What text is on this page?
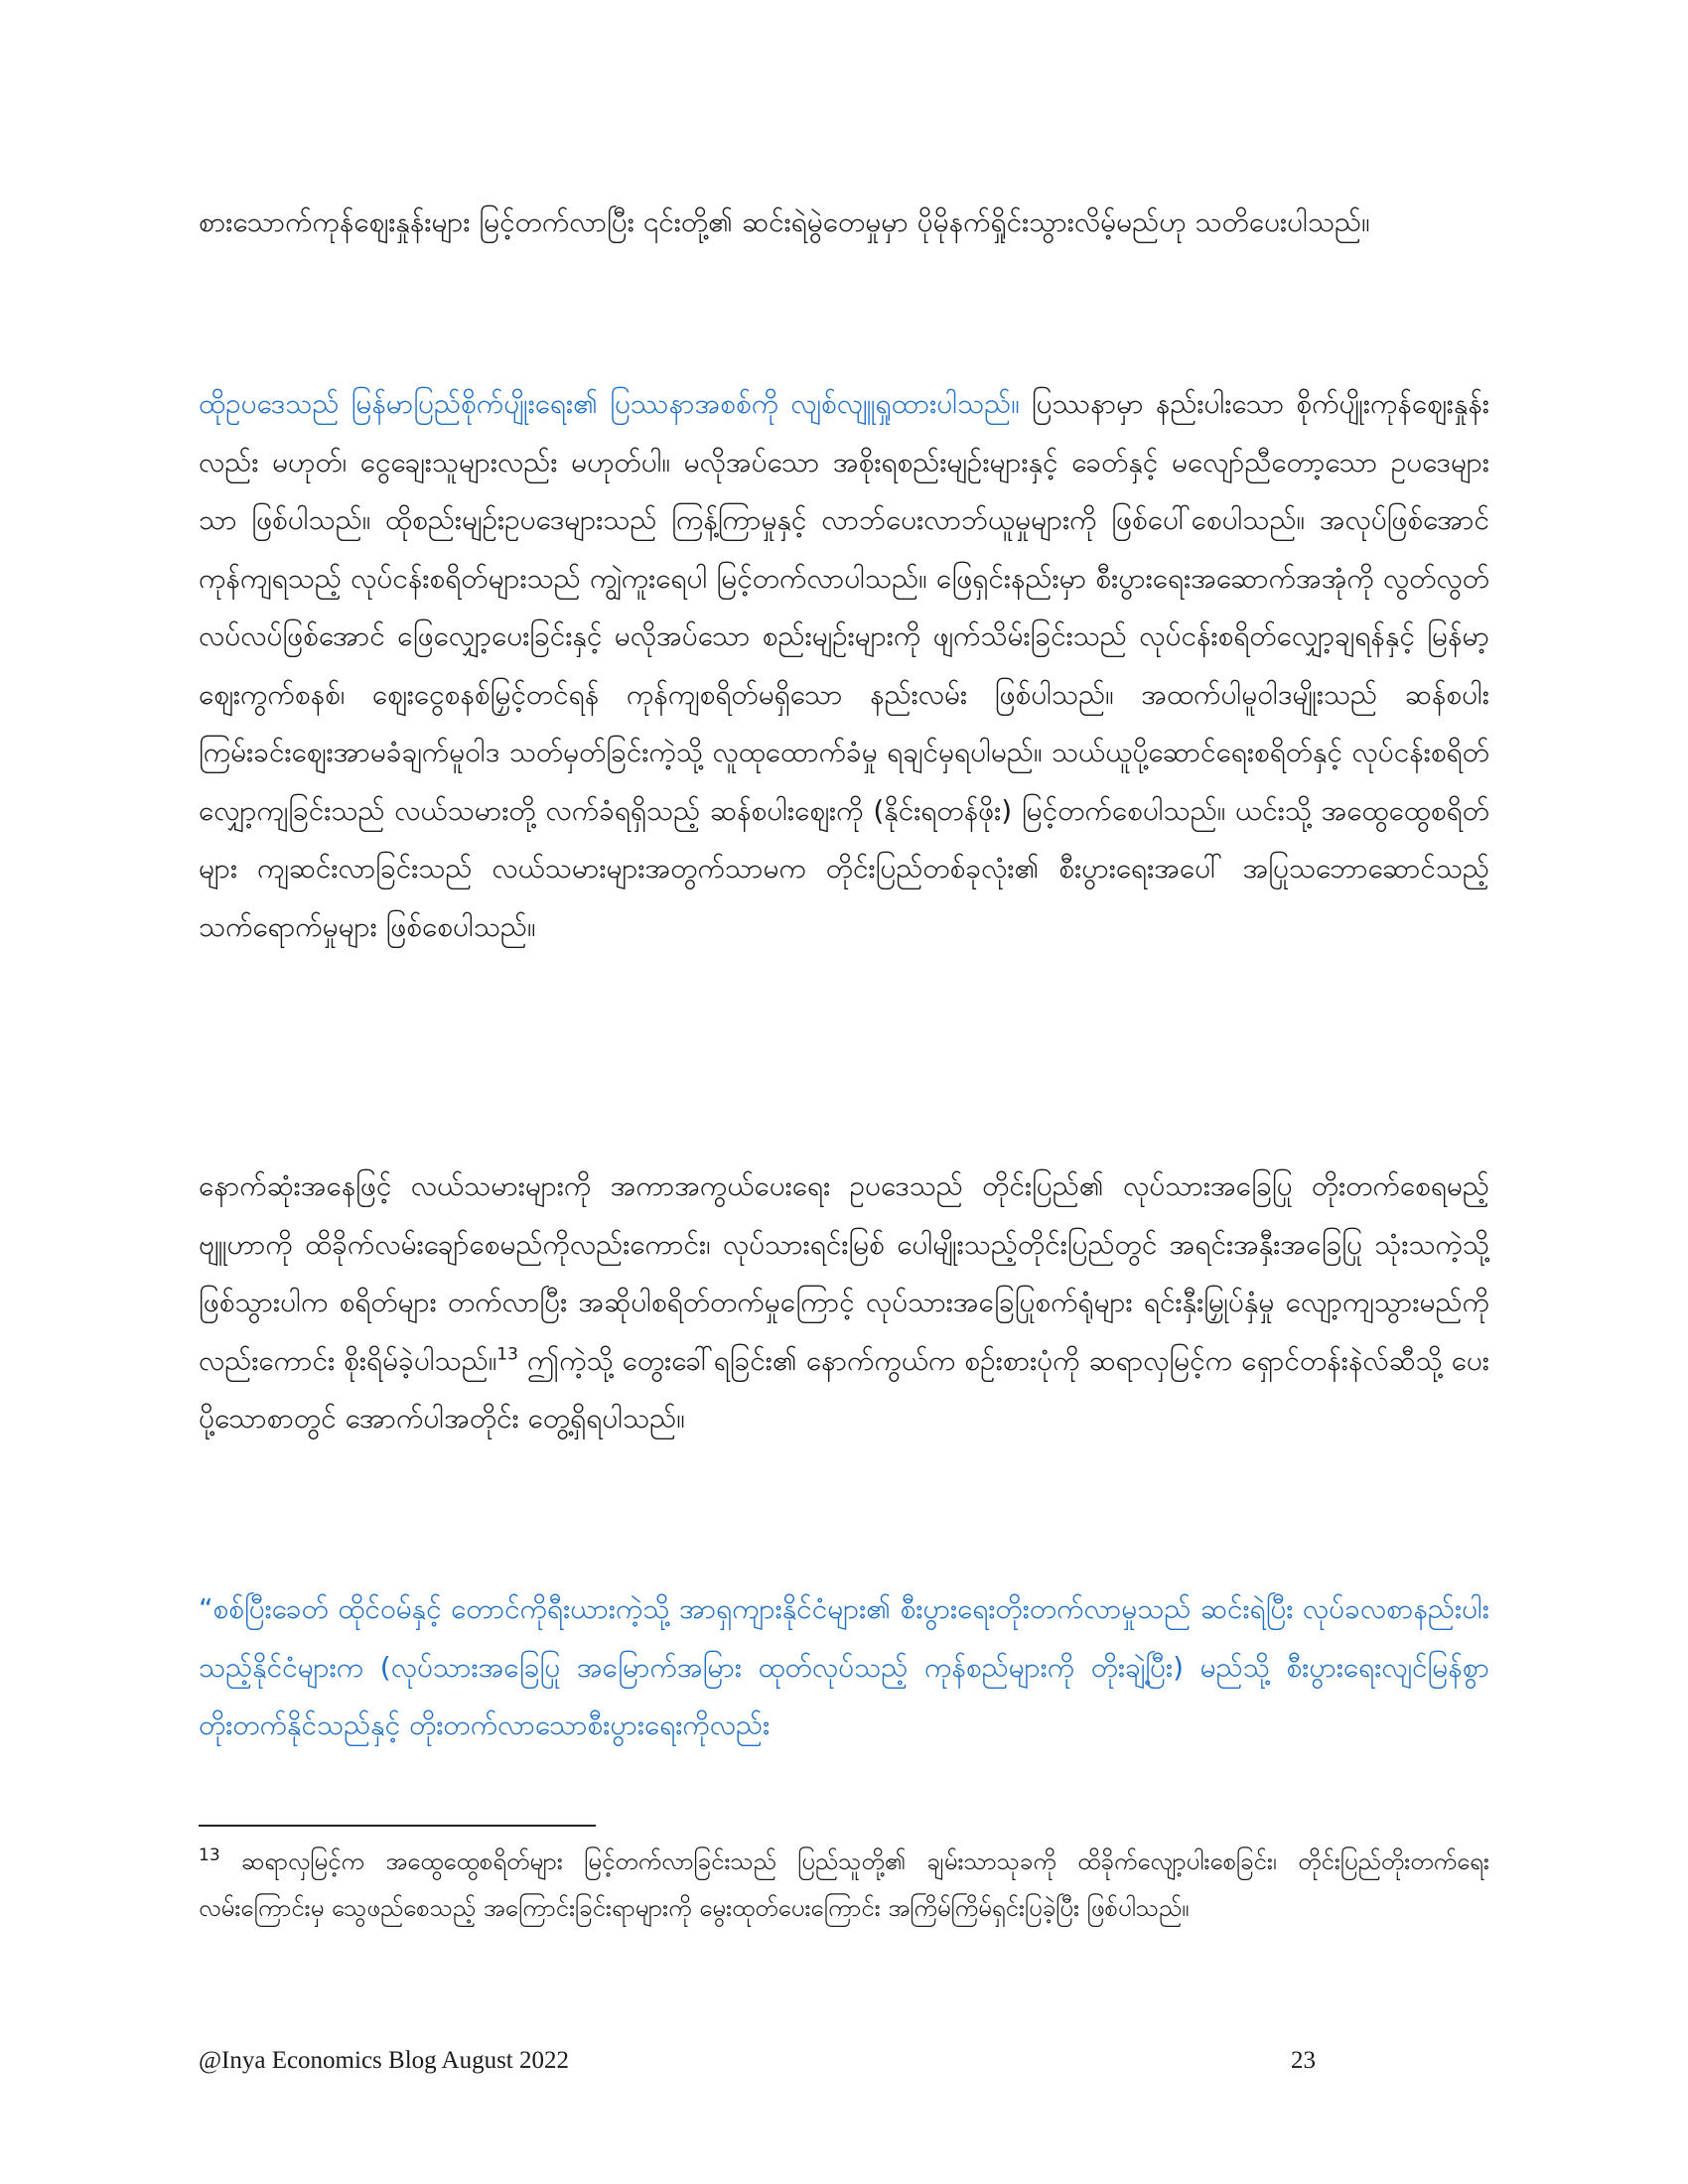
စားသောက်ကုန်ဈေးနှုန်းများ မြင့်တက်လာပြီး ၎င်းတို့၏ ဆင်းရဲမွဲတေမှုမှာ ပိုမိုနက်ရှိုင်းသွားလိမ့်မည်ဟု သတိပေးပါသည်။

ထိုဥပဒေသည် မြန်မာပြည်စိုက်ပျိုးရေး၏ ပြဿနာအစစ်ကို လျစ်လျူရှုထားပါသည်။ ပြဿနာမှာ နည်းပါးသော စိုက်ပျိုးကုန်ဈေးနှုန်းလည်း မဟုတ်၊ ငွေချေးသူများလည်း မဟုတ်ပါ။ မလိုအပ်သော အစိုးရစည်းမျဉ်းများနှင့် ခေတ်နှင့် မလျော်ညီတော့သော ဥပဒေများသာ ဖြစ်ပါသည်။ ထိုစည်းမျဉ်းဥပဒေများသည် ကြန့်ကြာမှုနှင့် လာဘ်ပေးလာဘ်ယူမှုများကို ဖြစ်ပေါ်စေပါသည်။ အလုပ်ဖြစ်အောင် ကုန်ကျရသည့် လုပ်ငန်းစရိတ်များသည် ကျွဲကူးရေပါ မြင့်တက်လာပါသည်။ ဖြေရှင်းနည်းမှာ စီးပွားရေးအဆောက်အအုံကို လွတ်လွတ်လပ်လပ်ဖြစ်အောင် ဖြေလျှော့ပေးခြင်းနှင့် မလိုအပ်သော စည်းမျဉ်းများကို ဖျက်သိမ်းခြင်းသည် လုပ်ငန်းစရိတ်လျှော့ချရန်နှင့် မြန်မာ့ဈေးကွက်စနစ်၊ ဈေးငွေစနစ်မြှင့်တင်ရန် ကုန်ကျစရိတ်မရှိသော နည်းလမ်း ဖြစ်ပါသည်။ အထက်ပါမူဝါဒမျိုးသည် ဆန်စပါးကြမ်းခင်းဈေးအာမခံချက်မူဝါဒ သတ်မှတ်ခြင်းကဲ့သို့ လူထုထောက်ခံမှု ရချင်မှရပါမည်။ သယ်ယူပို့ဆောင်ရေးစရိတ်နှင့် လုပ်ငန်းစရိတ်လျှော့ကျခြင်းသည် လယ်သမားတို့ လက်ခံရရှိသည့် ဆန်စပါးဈေးကို (နိုင်းရတန်ဖိုး) မြင့်တက်စေပါသည်။ ယင်းသို့ အထွေထွေစရိတ်များ ကျဆင်းလာခြင်းသည် လယ်သမားများအတွက်သာမက တိုင်းပြည်တစ်ခုလုံး၏ စီးပွားရေးအပေါ် အပြုသဘောဆောင်သည့် သက်ရောက်မှုများ ဖြစ်စေပါသည်။

နောက်ဆုံးအနေဖြင့် လယ်သမားများကို အကာအကွယ်ပေးရေး ဥပဒေသည် တိုင်းပြည်၏ လုပ်သားအခြေပြု တိုးတက်စေရမည့် ဗျူဟာကို ထိခိုက်လမ်းချော်စေမည်ကိုလည်းကောင်း၊ လုပ်သားရင်းမြစ် ပေါမျိုးသည့်တိုင်းပြည်တွင် အရင်းအနှီးအခြေပြု သုံးသကဲ့သို့ ဖြစ်သွားပါက စရိတ်များ တက်လာပြီး အဆိုပါစရိတ်တက်မှုကြောင့် လုပ်သားအခြေပြုစက်ရုံများ ရင်းနှီးမြှုပ်နှံမှု လျော့ကျသွားမည်ကိုလည်းကောင်း စိုးရိမ်ခဲ့ပါသည်။$^{13}$ ဤကဲ့သို့ တွေးခေါ်ရခြင်း၏ နောက်ကွယ်က စဉ်းစားပုံကို ဆရာလှမြင့်က ရှောင်တန်းနဲလ်ဆီသို့ ပေးပို့သောစာတွင် အောက်ပါအတိုင်း တွေ့ရှိရပါသည်။

“စစ်ပြီးခေတ် ထိုင်ဝမ်နှင့် တောင်ကိုရီးယားကဲ့သို့ အာရှကျားနိုင်ငံများ၏ စီးပွားရေးတိုးတက်လာမှုသည် ဆင်းရဲပြီး လုပ်ခလစာနည်းပါးသည့်နိုင်ငံများက (လုပ်သားအခြေပြု အမြောက်အမြား ထုတ်လုပ်သည့် ကုန်စည်များကို တိုးချဲ့ပြီး) မည်သို့ စီးပွားရေးလျင်မြန်စွာ တိုးတက်နိုင်သည်နှင့် တိုးတက်လာသောစီးပွားရေးကိုလည်း

$^{13}$ ဆရာလှမြင့်က အထွေထွေစရိတ်များ မြင့်တက်လာခြင်းသည် ပြည်သူတို့၏ ချမ်းသာသုခကို ထိခိုက်လျော့ပါးစေခြင်း၊ တိုင်းပြည်တိုးတက်ရေးလမ်းကြောင်းမှ သွေဖည်စေသည့် အကြောင်းခြင်းရာများကို မွေးထုတ်ပေးကြောင်း အကြိမ်ကြိမ်ရှင်းပြခဲ့ပြီး ဖြစ်ပါသည်။

@Inya Economics Blog August 2022	23
